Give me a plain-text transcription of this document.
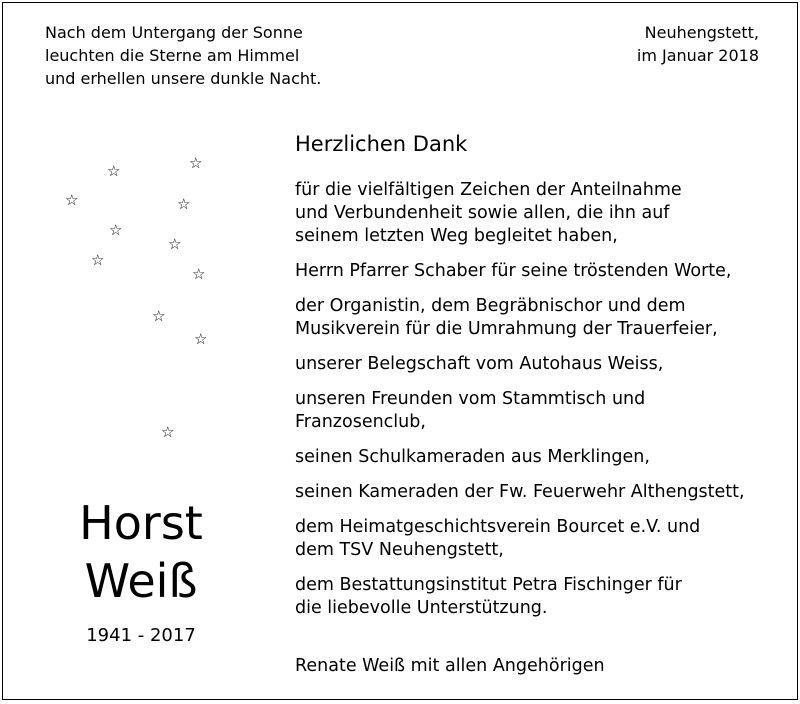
Nach dem Untergang der Sonne
leuchten die Sterne am Himmel
und erhellen unsere dunkle Nacht.
Neuhengstett,
im Januar 2018
☆	☆
☆	☆
☆
☆
☆
☆
☆
☆
☆
Horst
Weiß
1941 - 2017
Herzlichen Dank
für die vielfältigen Zeichen der Anteilnahme
und Verbundenheit sowie allen, die ihn auf
seinem letzten Weg begleitet haben,
Herrn Pfarrer Schaber für seine tröstenden Worte,
der Organistin, dem Begräbnischor und dem
Musikverein für die Umrahmung der Trauerfeier,
unserer Belegschaft vom Autohaus Weiss,
unseren Freunden vom Stammtisch und
Franzosenclub,
seinen Schulkameraden aus Merklingen,
seinen Kameraden der Fw. Feuerwehr Althengstett,
dem Heimatgeschichtsverein Bourcet e.V. und
dem TSV Neuhengstett,
dem Bestattungsinstitut Petra Fischinger für
die liebevolle Unterstützung.
Renate Weiß mit allen Angehörigen
